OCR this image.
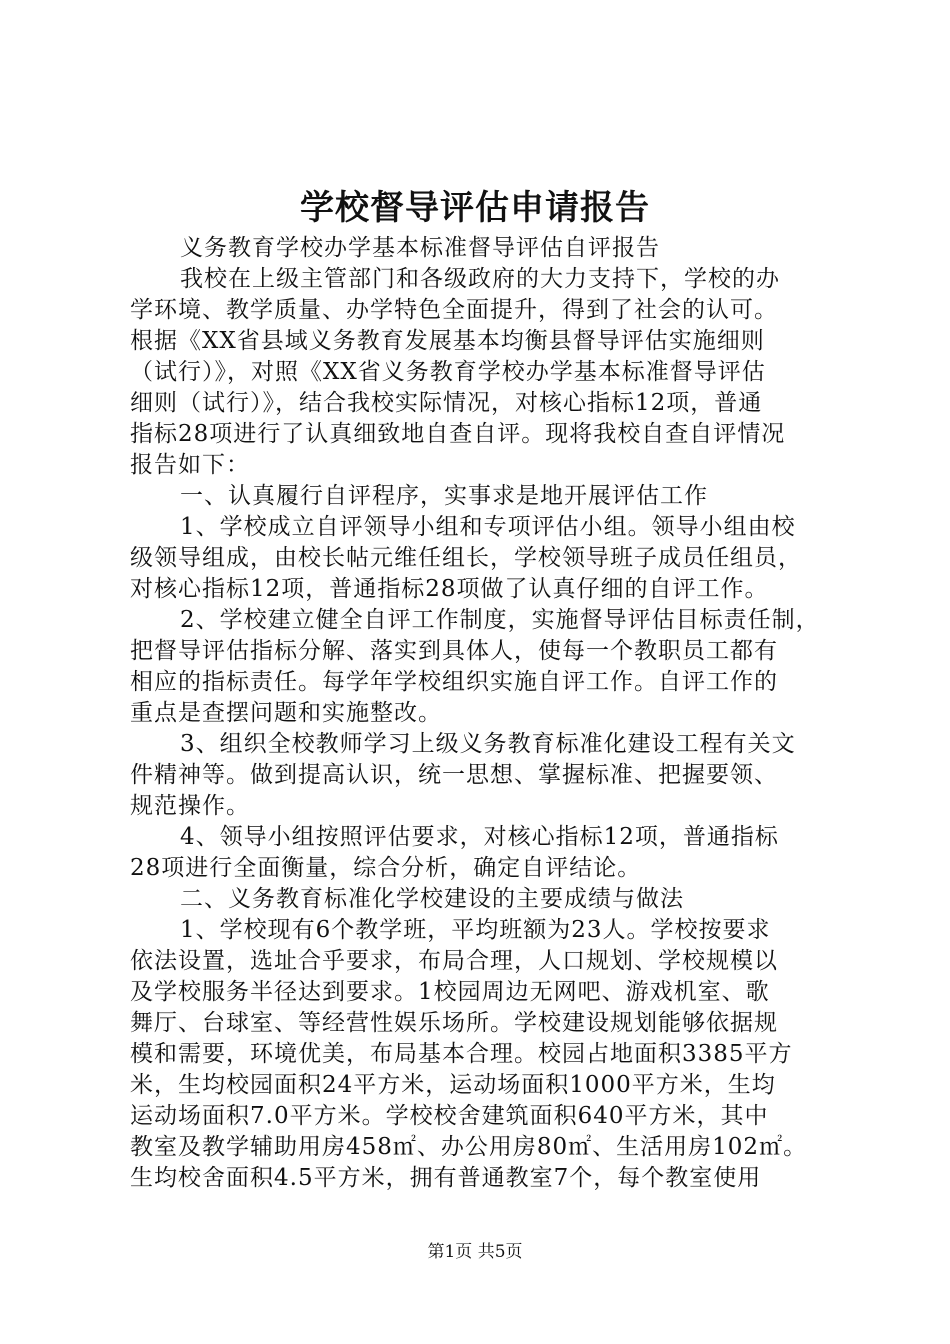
学校督导评估申请报告
义务教育学校办学基本标准督导评估自评报告
我校在上级主管部门和各级政府的大力支持下，学校的办
学环境、教学质量、办学特色全面提升，得到了社会的认可。
根据《XX省县域义务教育发展基本均衡县督导评估实施细则
（试行）》，对照《XX省义务教育学校办学基本标准督导评估
细则（试行）》，结合我校实际情况，对核心指标12项，普通
指标28项进行了认真细致地自查自评。现将我校自查自评情况
报告如下：
一、认真履行自评程序，实事求是地开展评估工作
1、学校成立自评领导小组和专项评估小组。领导小组由校
级领导组成，由校长帖元维任组长，学校领导班子成员任组员，
对核心指标12项，普通指标28项做了认真仔细的自评工作。
2、学校建立健全自评工作制度，实施督导评估目标责任制，
把督导评估指标分解、落实到具体人，使每一个教职员工都有
相应的指标责任。每学年学校组织实施自评工作。自评工作的
重点是查摆问题和实施整改。
3、组织全校教师学习上级义务教育标准化建设工程有关文
件精神等。做到提高认识，统一思想、掌握标准、把握要领、
规范操作。
4、领导小组按照评估要求，对核心指标12项，普通指标
28项进行全面衡量，综合分析，确定自评结论。
二、义务教育标准化学校建设的主要成绩与做法
1、学校现有6个教学班，平均班额为23人。学校按要求
依法设置，选址合乎要求，布局合理，人口规划、学校规模以
及学校服务半径达到要求。1校园周边无网吧、游戏机室、歌
舞厅、台球室、等经营性娱乐场所。学校建设规划能够依据规
模和需要，环境优美，布局基本合理。校园占地面积3385平方
米，生均校园面积24平方米，运动场面积1000平方米，生均
运动场面积7.0平方米。学校校舍建筑面积640平方米，其中
教室及教学辅助用房458㎡、办公用房80㎡、生活用房102㎡。
生均校舍面积4.5平方米，拥有普通教室7个，每个教室使用
第1页 共5页
